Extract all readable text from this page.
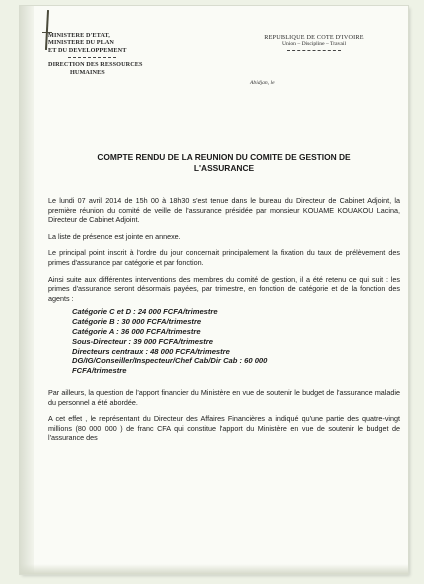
MINISTERE D'ETAT,
MINISTERE DU PLAN
ET DU DEVELOPPEMENT
DIRECTION DES RESSOURCES
HUMAINES
REPUBLIQUE DE COTE D'IVOIRE
Union – Discipline – Travail
Abidjan, le
COMPTE RENDU DE LA REUNION DU COMITE DE GESTION DE
L'ASSURANCE

Le lundi 07 avril 2014 de 15h 00 à 18h30 s'est tenue dans le bureau du Directeur de Cabinet Adjoint, la première réunion du comité de veille de l'assurance présidée par monsieur KOUAME KOUAKOU Lacina, Directeur de Cabinet Adjoint.

La liste de présence est jointe en annexe.

Le principal point inscrit à l'ordre du jour concernait principalement la fixation du taux de prélèvement des primes d'assurance par catégorie et par fonction.

Ainsi suite aux différentes interventions des membres du comité de gestion, il a été retenu ce qui suit : les primes d'assurance seront désormais payées, par trimestre, en fonction de catégorie et de la fonction des agents :

Catégorie C et D : 24 000 FCFA/trimestre
Catégorie B : 30 000 FCFA/trimestre
Catégorie A : 36 000 FCFA/trimestre
Sous-Directeur : 39 000 FCFA/trimestre
Directeurs centraux : 48 000 FCFA/trimestre
DG/IG/Conseiller/Inspecteur/Chef Cab/Dir Cab : 60 000
FCFA/trimestre

Par ailleurs, la question de l'apport financier du Ministère en vue de soutenir le budget de l'assurance maladie du personnel a été abordée.

A cet effet , le représentant du Directeur des Affaires Financières a indiqué qu'une partie des quatre-vingt millions (80 000 000 ) de franc CFA qui constitue l'apport du Ministère en vue de soutenir le budget de l'assurance des
